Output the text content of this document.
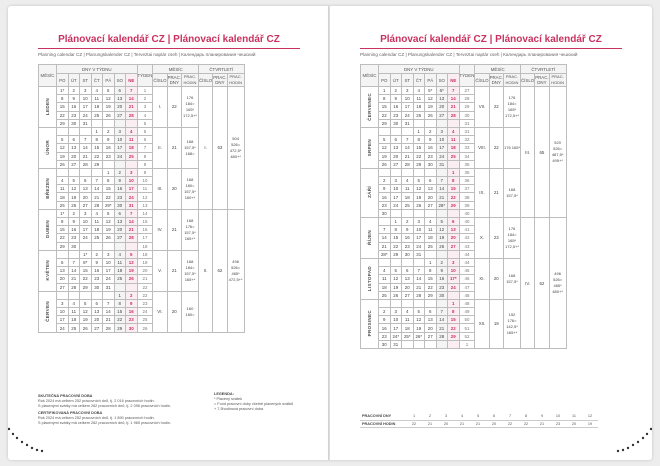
Plánovací kalendář CZ | Plánovací kalendář CZ
Planning calendar CZ | Planungskalender CZ | Terveztai naptár cseh | Календарь планирования чешский
MĚSÍC	DNY V TÝDNU							TÝDEN	MĚSÍC			ČTVRTLETÍ		
	PO	ÚT	ST	ČT	PÁ	SO	NE		ČÍSLO	PRAC. DNY	PRAC. HODIN	ČÍSLO	PRAC. DNY	PRAC. HODIN
LEDEN	1*	2	3	4	5	6	7	1	I.	22	176 184= 165* 172,5+*	I.	63	504 526= 472,5* 480+*
	8	9	10	11	12	13	14	2						
	15	16	17	18	19	20	21	3						
	22	23	24	25	26	27	28	4						
	29	30	31					5						
ÚNOR				1	2	3	4	5	II.	21	168 157,5* 168=			
	5	6	7	8	9	10	11	6						
	12	13	14	15	16	17	18	7						
	19	20	21	22	23	24	25	8						
	26	27	28	29				9						
BŘEZEN					1	2	3	9	III.	20	168 160= 157,5* 160+*			
	4	5	6	7	8	9	10	10						
	11	12	13	14	15	16	17	11						
	18	19	20	21	22	23	24	12						
	25	26	27	28	29*	30	31	13						
DUBEN	1*	2	3	4	5	6	7	14	IV.	21	168 176= 157,5* 165+*	II.	62	496 526= 465* 472,5+*
	8	9	10	11	12	13	14	15						
	15	16	17	18	19	20	21	16						
	22	23	24	25	26	27	28	17						
	29	30						18						
KVĚTEN			1*	2	3	4	5	18	V.	21	168 184= 157,5* 165+*			
	6	7	8*	9	10	11	12	19						
	13	14	15	16	17	18	19	20						
	20	21	22	23	24	25	26	21						
	27	28	29	30	31			22						
ČERVEN						1	2	22	VI.	20	160 160=			
	3	4	5	6	7	8	9	23						
	10	11	12	13	14	15	16	24						
	17	18	19	20	21	22	23	25						
	24	25	26	27	28	29	30	26						

SKUTEČNÁ PRACOVNÍ DOBA

Rok 2024 má celkem 252 pracovních dnů, tj. 2 016 pracovních hodin.

S placenými svátky má celkem 262 pracovních dnů, tj. 2 096 pracovních hodin.

CERTIFIKOVANÁ PRACOVNÍ DOBA

Rok 2024 má celkem 252 pracovních dnů, tj. 1 890 pracovních hodin.

S placenými svátky má celkem 262 pracovních dnů, tj. 1 965 pracovních hodin.

LEGENDA:

* Placený svátek

= Fond pracovní doby včetně placených svátků

+ 7,5hodinová pracovní doba

Plánovací kalendář CZ | Plánovací kalendář CZ
Planning calendar CZ | Planungskalender CZ | Terveztai naptár cseh | Календарь планирования чешский
MĚSÍC	DNY V TÝDNU							TÝDEN	MĚSÍC			ČTVRTLETÍ		
	PO	ÚT	ST	ČT	PÁ	SO	NE		ČÍSLO	PRAC. DNY	PRAC. HODIN	ČÍSLO	PRAC. DNY	PRAC. HODIN
ČERVENEC	1	2	3	4	5*	6*	7	27	VII.	22	176 184= 165* 172,5+*	III.	65	520 526= 487,5* 495+*
	8	9	10	11	12	13	14	28						
	15	16	17	18	19	20	21	29						
	22	23	24	25	26	27	28	30						
	29	30	31					31						
SRPEN				1	2	3	4	31	VIII.	22	176 165*			
	5	6	7	8	9	10	11	32						
	12	13	14	15	16	17	18	33						
	19	20	21	22	23	24	25	34						
	26	27	28	29	30	31		35						
ZÁŘÍ							1	35	IX.	21	168 157,5*			
	2	3	4	5	6	7	8	36						
	9	10	11	12	13	14	15	37						
	16	17	18	19	20	21	22	38						
	23	24	25	26	27	28*	29	39						
	30							40						
ŘÍJEN		1	2	3	4	5	6	40	X.	23	176 184= 165* 172,5+*	IV.	62	496 526= 465* 480+*
	7	8	9	10	11	12	13	41						
	14	15	16	17	18	19	20	42						
	21	22	23	24	25	26	27	43						
	28*	29	30	31				44						
LISTOPAD					1	2	3	44	XI.	20	168 157,5*			
	4	5	6	7	8	9	10	45						
	11	12	13	14	15	16	17*	46						
	18	19	20	21	22	23	24	47						
	25	26	27	28	29	30		48						
PROSINEC							1	48	XII.	19	152 176= 142,5* 165+*			
	2	3	4	5	6	7	8	49						
	9	10	11	12	13	14	15	50						
	16	17	18	19	20	21	22	51						
	23	24*	25*	26*	27	28	29	52						
	30	31						1						
PRACOVNÍ DNY	1	2	3	4	5	6	7	8	9	10	11	12
PRACOVNÍ HODIN	22	21	20	21	21	20	22	22	21	23	20	19
